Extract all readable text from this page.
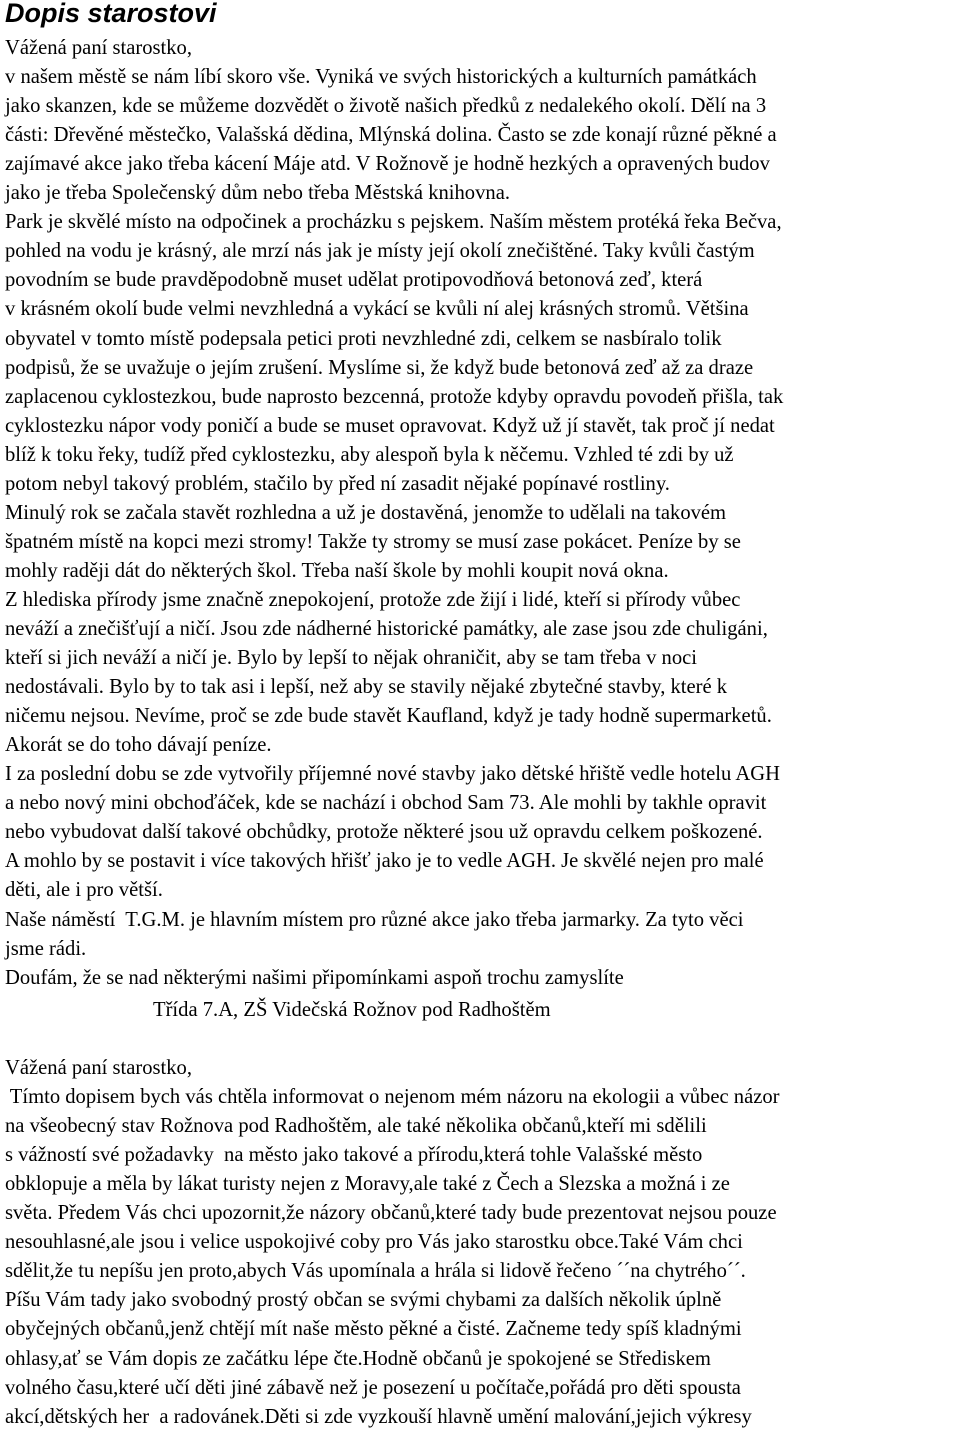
Dopis starostovi
Vážená paní starostko,
v našem městě se nám líbí skoro vše. Vyniká ve svých historických a kulturních památkách
jako skanzen, kde se můžeme dozvědět o životě našich předků z nedalekého okolí. Dělí na 3
části: Dřevěné městečko, Valašská dědina, Mlýnská dolina. Často se zde konají různé pěkné a
zajímavé akce jako třeba kácení Máje atd. V Rožnově je hodně hezkých a opravených budov
jako je třeba Společenský dům nebo třeba Městská knihovna.
Park je skvělé místo na odpočinek a procházku s pejskem. Naším městem protéká řeka Bečva,
pohled na vodu je krásný, ale mrzí nás jak je místy její okolí znečištěné. Taky kvůli častým
povodním se bude pravděpodobně muset udělat protipovodňová betonová zeď, která
v krásném okolí bude velmi nevzhledná a vykácí se kvůli ní alej krásných stromů. Většina
obyvatel v tomto místě podepsala petici proti nevzhledné zdi, celkem se nasbíralo tolik
podpisů, že se uvažuje o jejím zrušení. Myslíme si, že když bude betonová zeď až za draze
zaplacenou cyklostezkou, bude naprosto bezcenná, protože kdyby opravdu povodeň přišla, tak
cyklostezku nápor vody poničí a bude se muset opravovat. Když už jí stavět, tak proč jí nedat
blíž k toku řeky, tudíž před cyklostezku, aby alespoň byla k něčemu. Vzhled té zdi by už
potom nebyl takový problém, stačilo by před ní zasadit nějaké popínavé rostliny.
Minulý rok se začala stavět rozhledna a už je dostavěná, jenomže to udělali na takovém
špatném místě na kopci mezi stromy! Takže ty stromy se musí zase pokácet. Peníze by se
mohly raději dát do některých škol. Třeba naší škole by mohli koupit nová okna.
Z hlediska přírody jsme značně znepokojení, protože zde žijí i lidé, kteří si přírody vůbec
neváží a znečišťují a ničí. Jsou zde nádherné historické památky, ale zase jsou zde chuligáni,
kteří si jich neváží a ničí je. Bylo by lepší to nějak ohraničit, aby se tam třeba v noci
nedostávali. Bylo by to tak asi i lepší, než aby se stavily nějaké zbytečné stavby, které k
ničemu nejsou. Nevíme, proč se zde bude stavět Kaufland, když je tady hodně supermarketů.
Akorát se do toho dávají peníze.
I za poslední dobu se zde vytvořily příjemné nové stavby jako dětské hřiště vedle hotelu AGH
a nebo nový mini obchoďáček, kde se nachází i obchod Sam 73. Ale mohli by takhle opravit
nebo vybudovat další takové obchůdky, protože některé jsou už opravdu celkem poškozené.
A mohlo by se postavit i více takových hřišť jako je to vedle AGH. Je skvělé nejen pro malé
děti, ale i pro větší.
Naše náměstí  T.G.M. je hlavním místem pro různé akce jako třeba jarmarky. Za tyto věci
jsme rádi.
Doufám, že se nad některými našimi připomínkami aspoň trochu zamyslíte
Třída 7.A, ZŠ Videčská Rožnov pod Radhoštěm
Vážená paní starostko,
Tímto dopisem bych vás chtěla informovat o nejenom mém názoru na ekologii a vůbec názor
na všeobecný stav Rožnova pod Radhoštěm, ale také několika občanů,kteří mi sdělili
s vážností své požadavky  na město jako takové a přírodu,která tohle Valašské město
obklopuje a měla by lákat turisty nejen z Moravy,ale také z Čech a Slezska a možná i ze
světa. Předem Vás chci upozornit,že názory občanů,které tady bude prezentovat nejsou pouze
nesouhlasné,ale jsou i velice uspokojivé coby pro Vás jako starostku obce.Také Vám chci
sdělit,že tu nepíšu jen proto,abych Vás upomínala a hrála si lidově řečeno ´´na chytrého´´.
Píšu Vám tady jako svobodný prostý občan se svými chybami za dalších několik úplně
obyčejných občanů,jenž chtějí mít naše město pěkné a čisté. Začneme tedy spíš kladnými
ohlasy,ať se Vám dopis ze začátku lépe čte.Hodně občanů je spokojené se Střediskem
volného času,které učí děti jiné zábavě než je posezení u počítače,pořádá pro děti spousta
akcí,dětských her  a radovánek.Děti si zde vyzkouší hlavně umění malování,jejich výkresy
